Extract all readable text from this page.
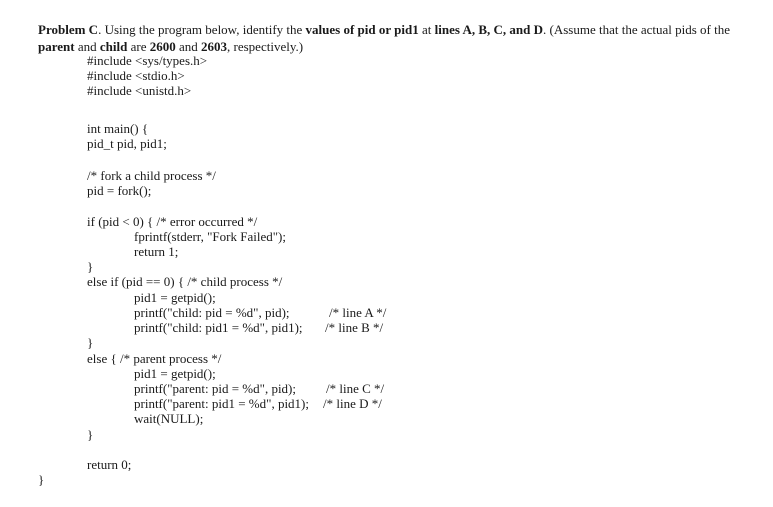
Problem C. Using the program below, identify the values of pid or pid1 at lines A, B, C, and D. (Assume that the actual pids of the parent and child are 2600 and 2603, respectively.)
#include <sys/types.h>
#include <stdio.h>
#include <unistd.h>
int main() {
pid_t pid, pid1;
/* fork a child process */
pid = fork();
if (pid < 0) { /* error occurred */
fprintf(stderr, "Fork Failed");
return 1;
}
else if (pid == 0) { /* child process */
pid1 = getpid();
printf("child: pid = %d", pid);	/* line A */
printf("child: pid1 = %d", pid1); /* line B */
}
else { /* parent process */
pid1 = getpid();
printf("parent: pid = %d", pid); /* line C */
printf("parent: pid1 = %d", pid1); /* line D */
wait(NULL);
}
return 0;
}
